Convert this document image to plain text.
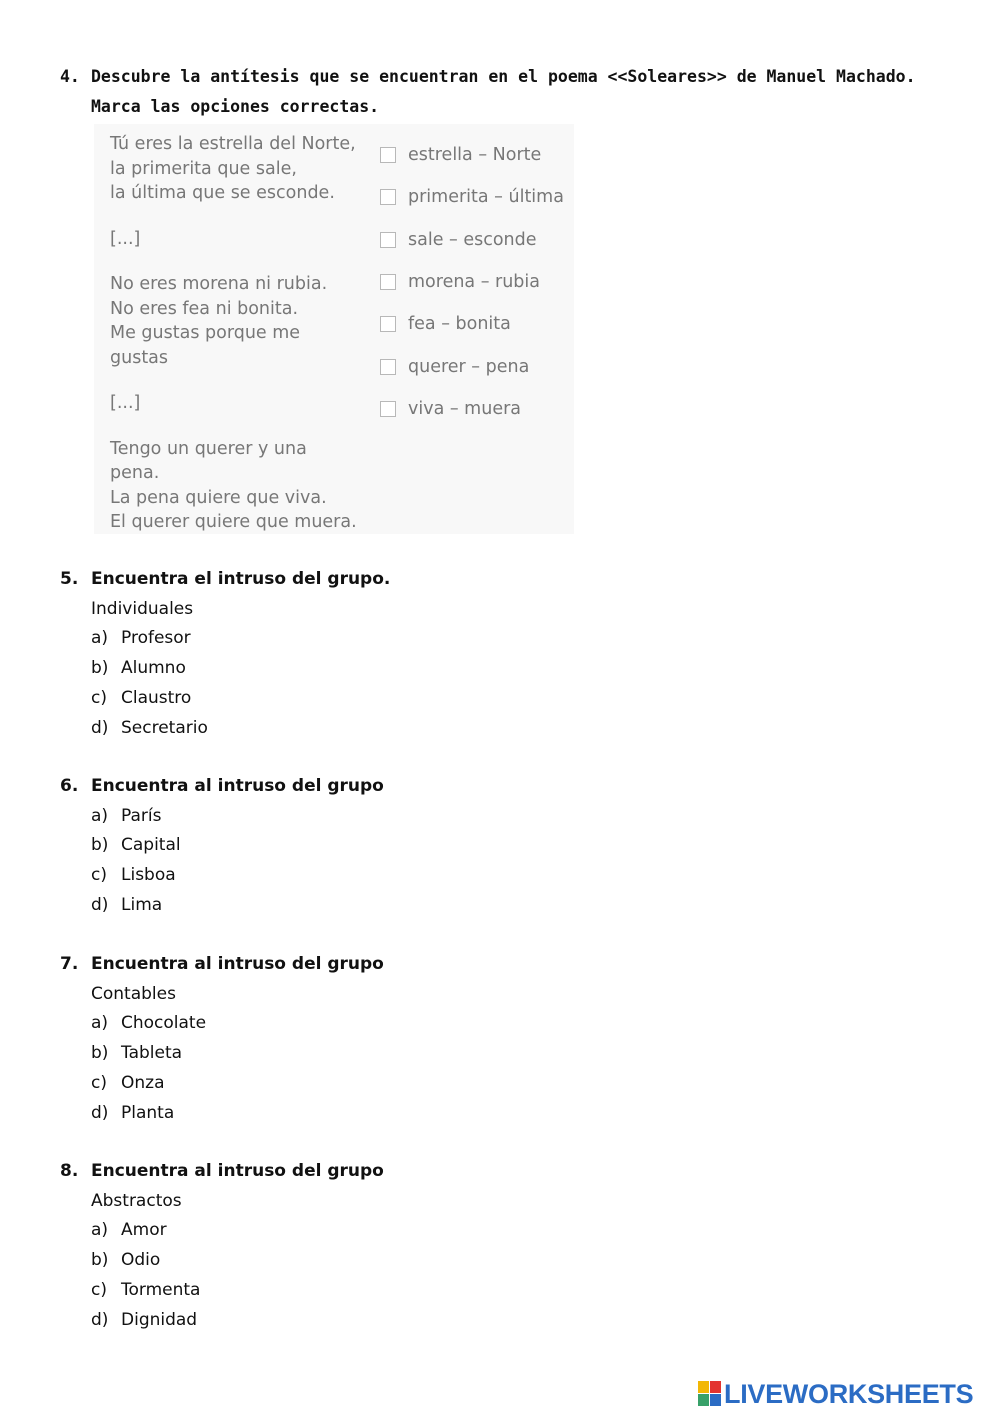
4. Descubre la antítesis que se encuentran en el poema <<Soleares>> de Manuel Machado.
Marca las opciones correctas.
Tú eres la estrella del Norte,
la primerita que sale,
la última que se esconde.
[...]
No eres morena ni rubia.
No eres fea ni bonita.
Me gustas porque me
gustas
[...]
Tengo un querer y una
pena.
La pena quiere que viva.
El querer quiere que muera.
estrella – Norte
primerita – última
sale – esconde
morena – rubia
fea – bonita
querer – pena
viva – muera
5. Encuentra el intruso del grupo.
Individuales
a) Profesor
b) Alumno
c) Claustro
d) Secretario
6. Encuentra al intruso del grupo
a) París
b) Capital
c) Lisboa
d) Lima
7. Encuentra al intruso del grupo
Contables
a) Chocolate
b) Tableta
c) Onza
d) Planta
8. Encuentra al intruso del grupo
Abstractos
a) Amor
b) Odio
c) Tormenta
d) Dignidad
LIVEWORKSHEETS
